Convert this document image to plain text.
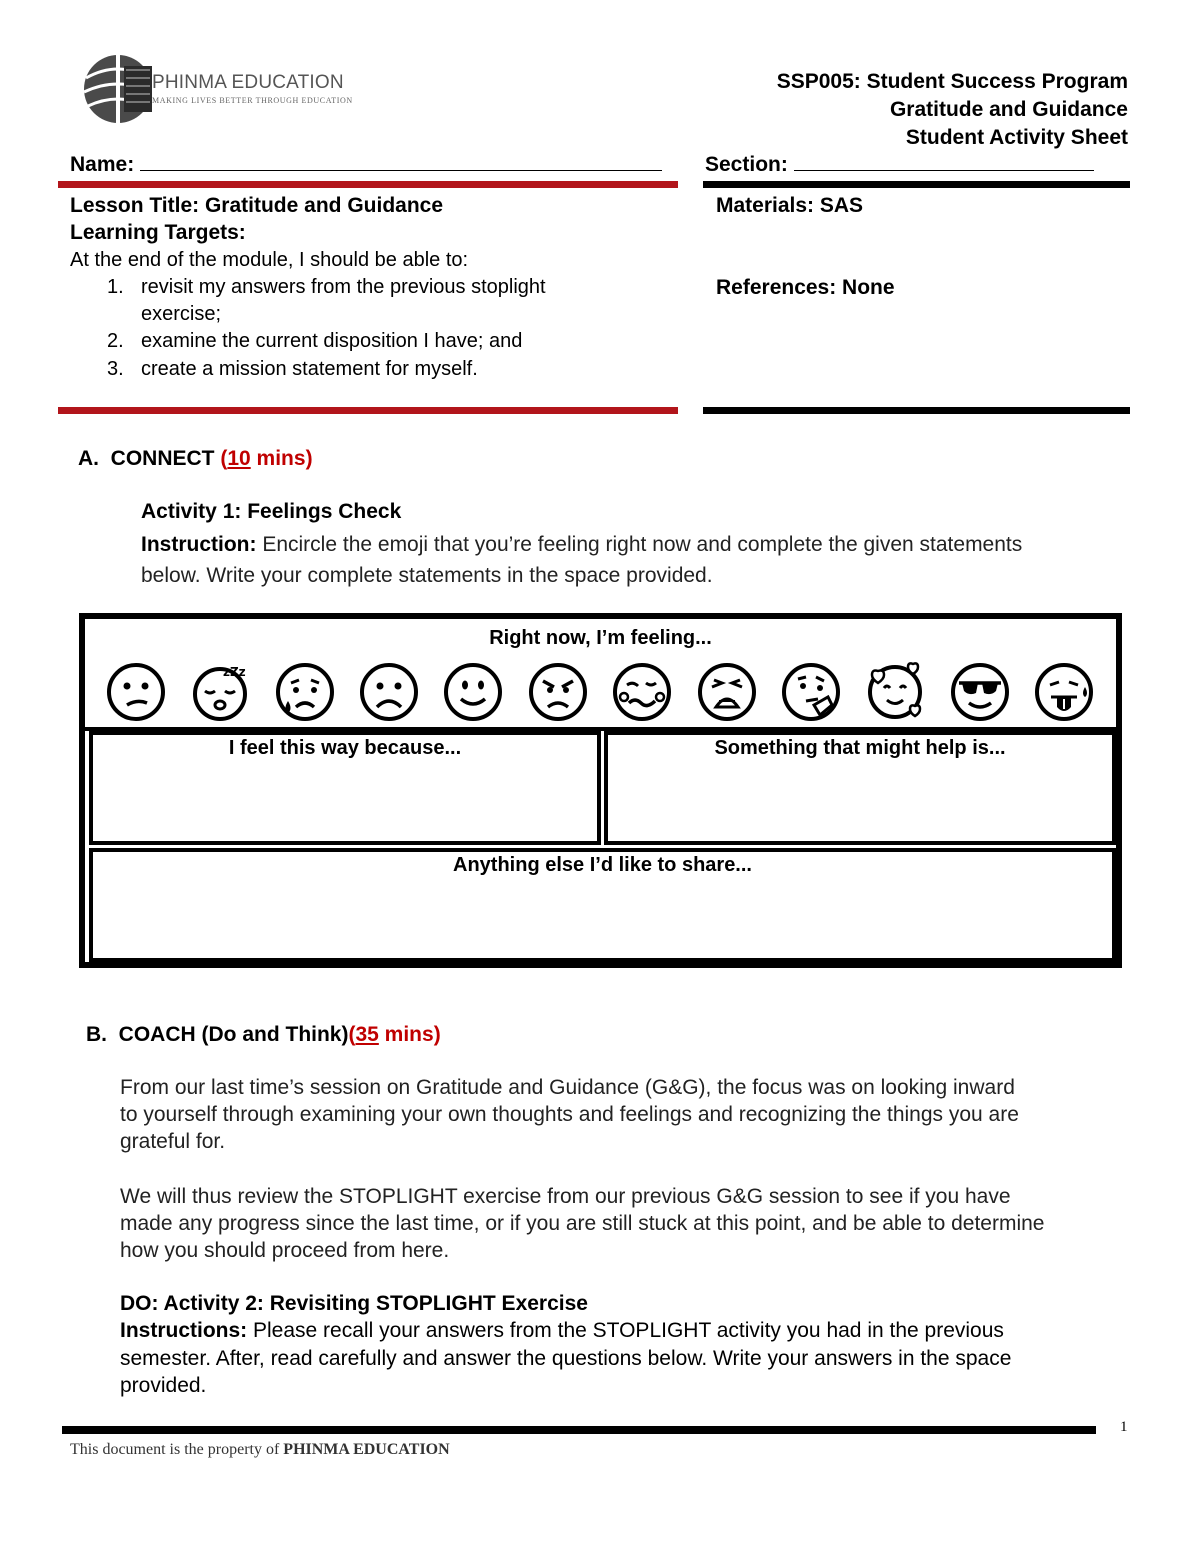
PHINMA EDUCATION
MAKING LIVES BETTER THROUGH EDUCATION
SSP005: Student Success Program
Gratitude and Guidance
Student Activity Sheet
Name:	Section:
Lesson Title: Gratitude and Guidance
Learning Targets:
At the end of the module, I should be able to:
1. revisit my answers from the previous stoplight
exercise;
2. examine the current disposition I have; and
3. create a mission statement for myself.
Materials: SAS
References: None
A. CONNECT (10 mins)
Activity 1: Feelings Check
Instruction: Encircle the emoji that you’re feeling right now and complete the given statements
below. Write your complete statements in the space provided.
Right now, I’m feeling...
zZz
I feel this way because...	Something that might help is...
Anything else I’d like to share...
B. COACH (Do and Think)(35 mins)
From our last time’s session on Gratitude and Guidance (G&G), the focus was on looking inward
to yourself through examining your own thoughts and feelings and recognizing the things you are
grateful for.
We will thus review the STOPLIGHT exercise from our previous G&G session to see if you have
made any progress since the last time, or if you are still stuck at this point, and be able to determine
how you should proceed from here.
DO: Activity 2: Revisiting STOPLIGHT Exercise
Instructions: Please recall your answers from the STOPLIGHT activity you had in the previous
semester. After, read carefully and answer the questions below. Write your answers in the space
provided.
1
This document is the property of PHINMA EDUCATION
